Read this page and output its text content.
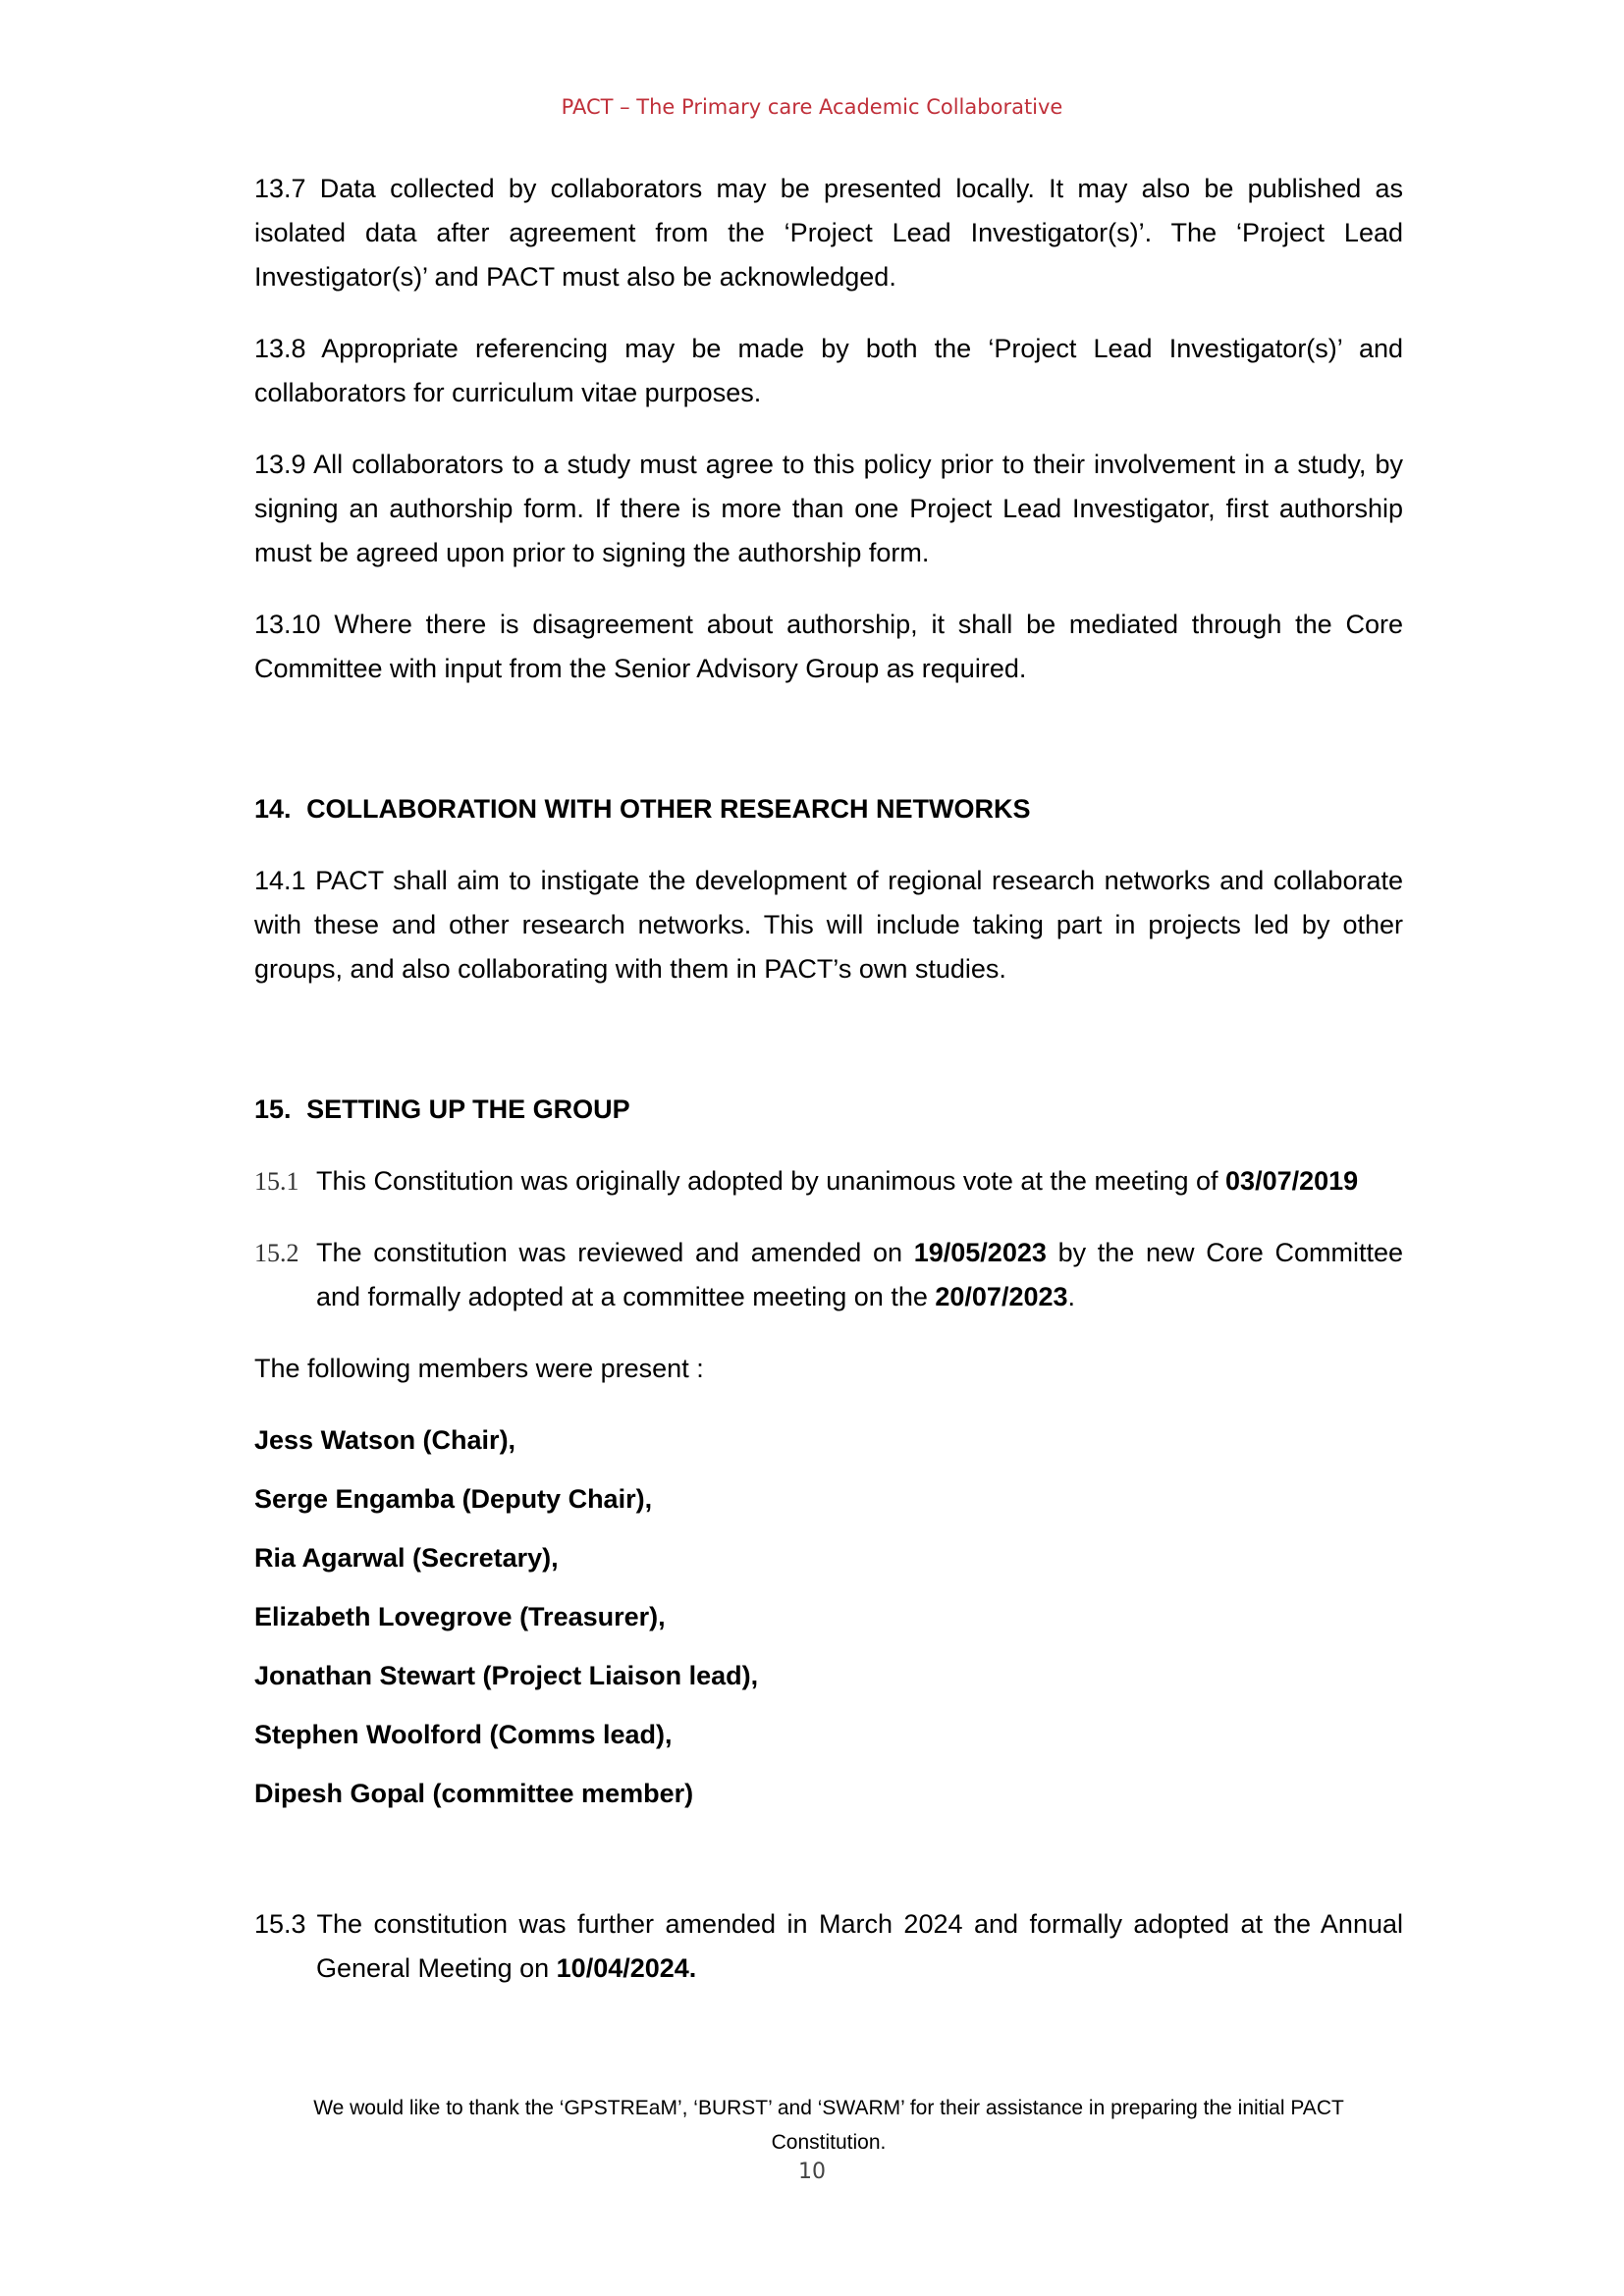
PACT – The Primary care Academic Collaborative

13.7 Data collected by collaborators may be presented locally. It may also be published as isolated data after agreement from the ‘Project Lead Investigator(s)’. The ‘Project Lead Investigator(s)’ and PACT must also be acknowledged.

13.8 Appropriate referencing may be made by both the ‘Project Lead Investigator(s)’ and collaborators for curriculum vitae purposes.

13.9 All collaborators to a study must agree to this policy prior to their involvement in a study, by signing an authorship form. If there is more than one Project Lead Investigator, first authorship must be agreed upon prior to signing the authorship form.

13.10 Where there is disagreement about authorship, it shall be mediated through the Core Committee with input from the Senior Advisory Group as required.

14. COLLABORATION WITH OTHER RESEARCH NETWORKS

14.1 PACT shall aim to instigate the development of regional research networks and collaborate with these and other research networks. This will include taking part in projects led by other groups, and also collaborating with them in PACT’s own studies.

15. SETTING UP THE GROUP
15.1 This Constitution was originally adopted by unanimous vote at the meeting of 03/07/2019
15.2 The constitution was reviewed and amended on 19/05/2023 by the new Core Committee and formally adopted at a committee meeting on the 20/07/2023.

The following members were present :

Jess Watson (Chair),
Serge Engamba (Deputy Chair),
Ria Agarwal (Secretary),
Elizabeth Lovegrove (Treasurer),
Jonathan Stewart (Project Liaison lead),
Stephen Woolford (Comms lead),
Dipesh Gopal (committee member)

15.3 The constitution was further amended in March 2024 and formally adopted at the Annual General Meeting on 10/04/2024.

We would like to thank the ‘GPSTREaM’, ‘BURST’ and ‘SWARM’ for their assistance in preparing the initial PACT Constitution.
10
